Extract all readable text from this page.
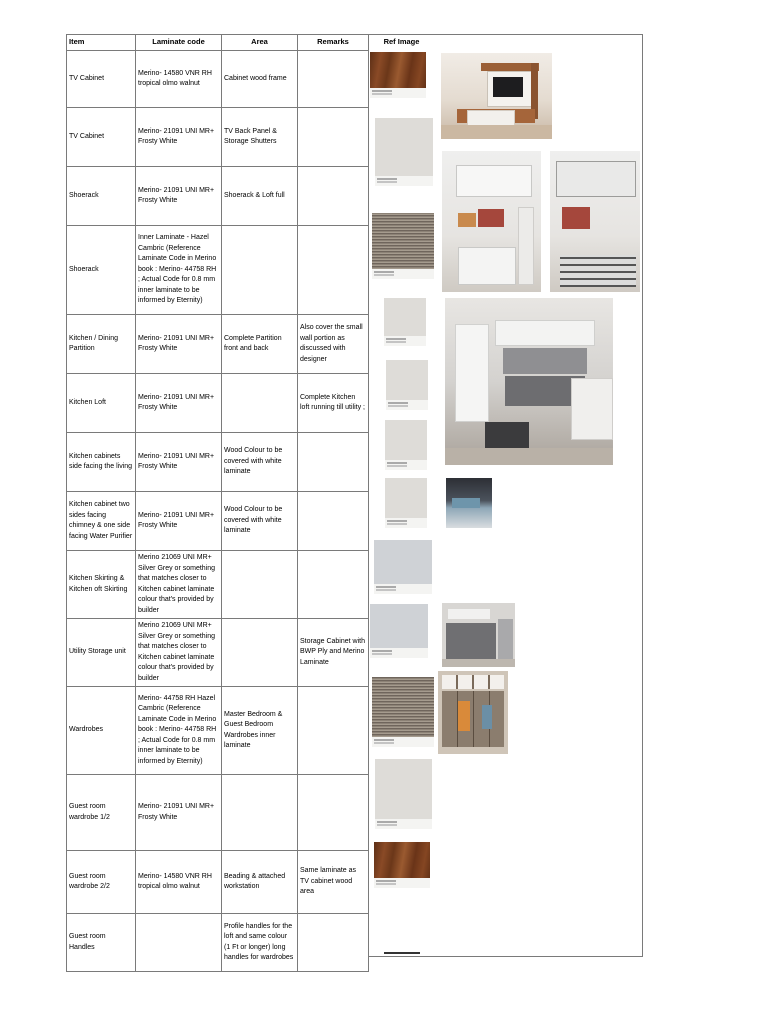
Item	Laminate code	Area	Remarks	Ref Image
TV Cabinet	Merino- 14580 VNR RH tropical olmo walnut	Cabinet wood frame		
TV Cabinet	Merino- 21091 UNI MR+ Frosty White	TV Back Panel & Storage Shutters		
Shoerack	Merino- 21091 UNI MR+ Frosty White	Shoerack & Loft full		
Shoerack	Inner Laminate - Hazel Cambric (Reference Laminate Code in Merino book : Merino- 44758 RH ; Actual Code for 0.8 mm inner laminate to be informed by Eternity)			
Kitchen / Dining Partition	Merino- 21091 UNI MR+ Frosty White	Complete Partition front and back	Also cover the small wall portion as discussed with designer	
Kitchen Loft	Merino- 21091 UNI MR+ Frosty White		Complete Kitchen loft running till utility ;	
Kitchen cabinets side facing the living	Merino- 21091 UNI MR+ Frosty White	Wood Colour to be covered with white laminate		
Kitchen cabinet two sides facing chimney & one side facing Water Purifier	Merino- 21091 UNI MR+ Frosty White	Wood Colour to be covered with white laminate		
Kitchen Skirting & Kitchen oft Skirting	Merino 21069 UNI MR+ Silver Grey or something that matches closer to Kitchen cabinet laminate colour that's provided by builder			
Utility Storage unit	Merino 21069 UNI MR+ Silver Grey or something that matches closer to Kitchen cabinet laminate colour that's provided by builder		Storage Cabinet with BWP Ply and Merino Laminate	
Wardrobes	Merino- 44758 RH Hazel Cambric (Reference Laminate Code in Merino book : Merino- 44758 RH ; Actual Code for 0.8 mm inner laminate to be informed by Eternity)	Master Bedroom & Guest Bedroom Wardrobes inner laminate		
Guest room wardrobe 1/2	Merino- 21091 UNI MR+ Frosty White			
Guest room wardrobe 2/2	Merino- 14580 VNR RH tropical olmo walnut	Beading & attached workstation	Same laminate as TV cabinet wood area	
Guest room Handles		Profile handles for the loft and same colour (1 Ft or longer) long handles for wardrobes		
